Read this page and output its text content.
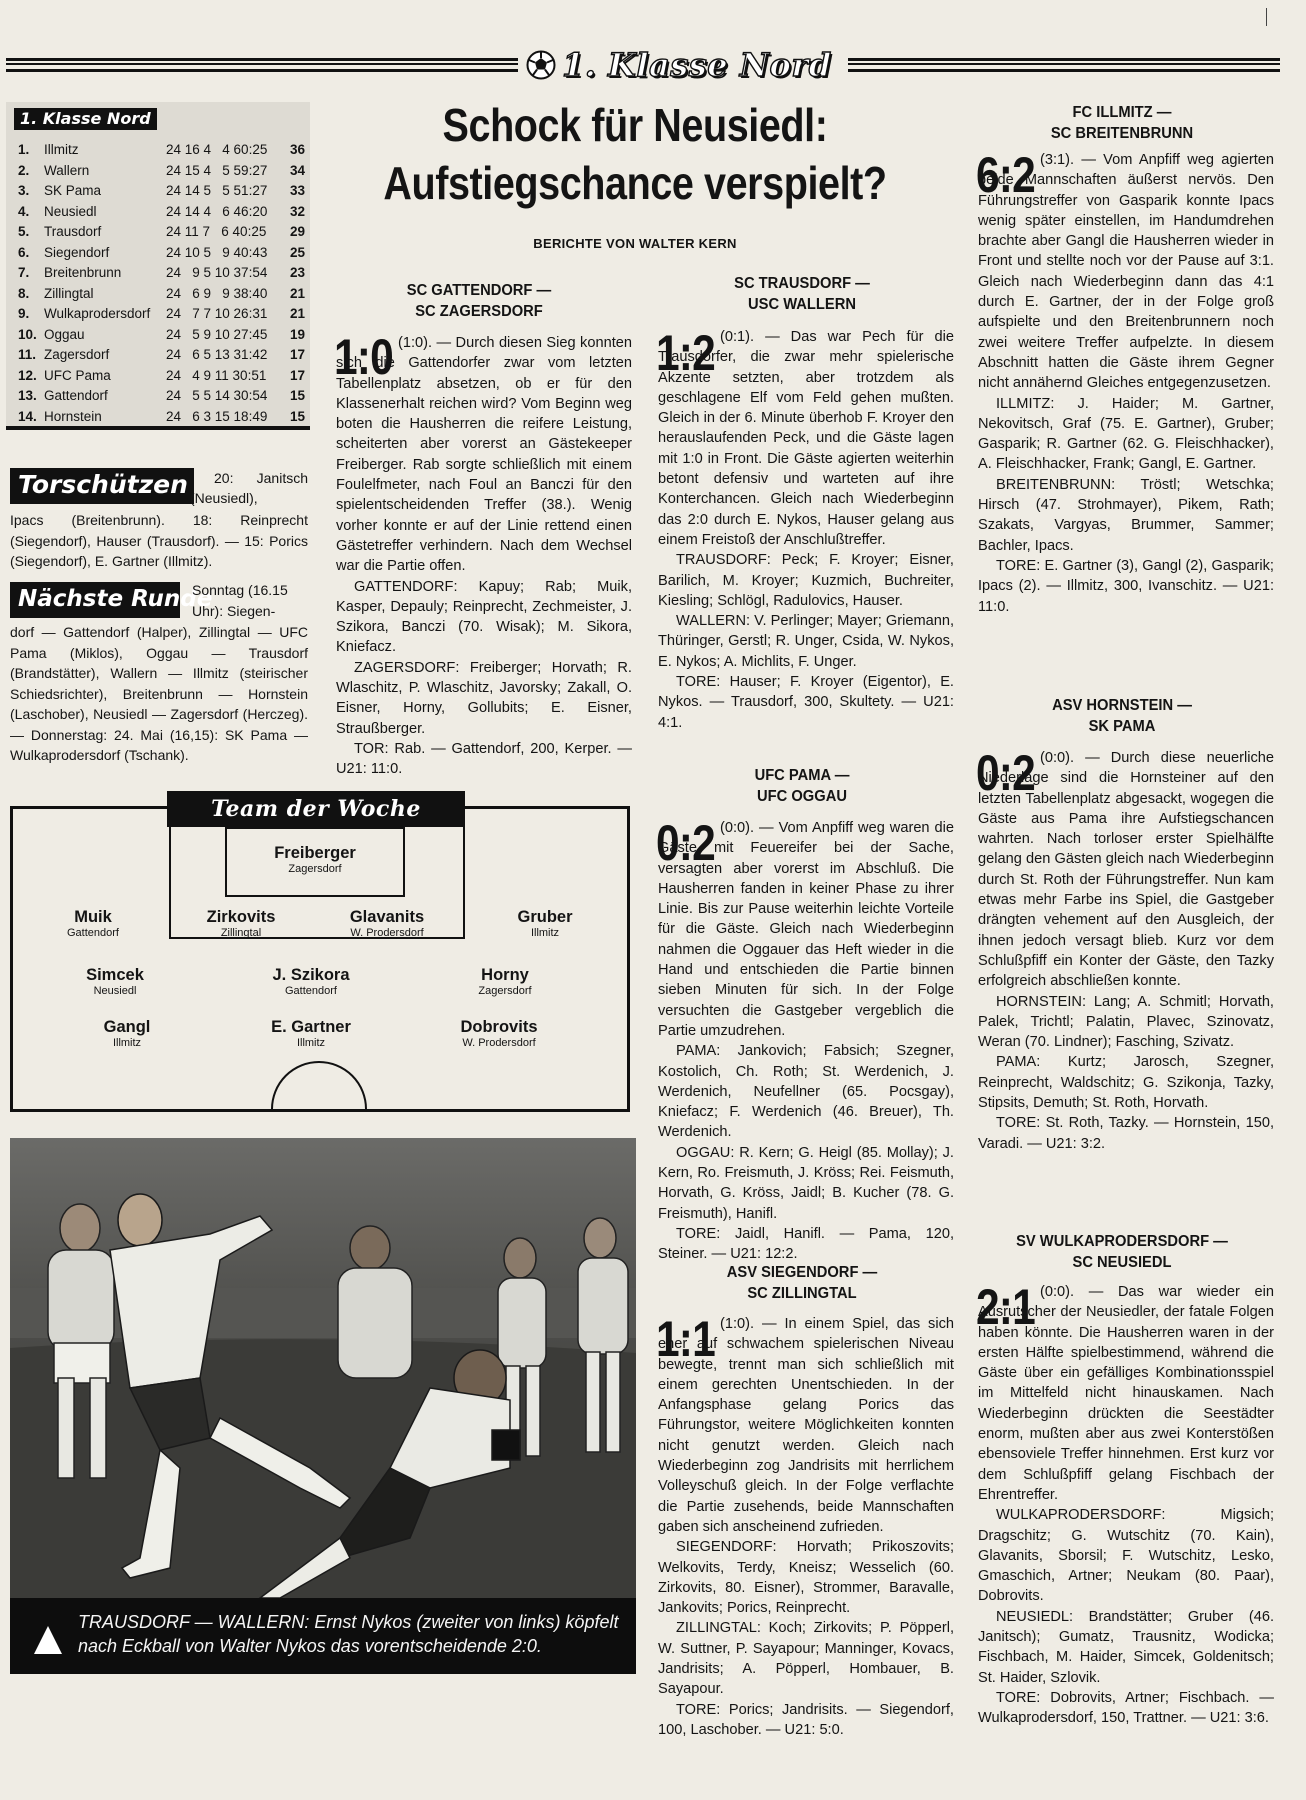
1. Klasse Nord
1. Klasse Nord
1. Illmitz	24 16 4   4 60:25 36
2. Wallern	24 15 4   5 59:27 34
3. SK Pama	24 14 5   5 51:27 33
4. Neusiedl	24 14 4   6 46:20 32
5. Trausdorf	24 11 7   6 40:25 29
6. Siegendorf	24 10 5   9 40:43 25
7. Breitenbrunn	24   9 5 10 37:54 23
8. Zillingtal	24   6 9   9 38:40 21
9. Wulkaprodersdorf 24   7 7 10 26:31 21
10. Oggau	24   5 9 10 27:45 19
11. Zagersdorf	24   6 5 13 31:42 17
12. UFC Pama	24   4 9 11 30:51 17
13. Gattendorf	24   5 5 14 30:54 15
14. Hornstein	24   6 3 15 18:49 15
Torschützen	20: Janitsch
(Neusiedl),
Ipacs (Breitenbrunn). 18: Reinprecht (Siegendorf), Hauser (Trausdorf). — 15: Porics (Siegendorf), E. Gartner (Illmitz).
Nächste Runde
Sonntag (16.15
Uhr): Siegen-
dorf — Gattendorf (Halper), Zillingtal — UFC Pama (Miklos), Oggau — Trausdorf (Brandstätter), Wallern — Illmitz (steirischer Schiedsrichter), Breitenbrunn — Hornstein (Laschober), Neusiedl — Zagersdorf (Herczeg). — Donnerstag: 24. Mai (16,15): SK Pama — Wulkaprodersdorf (Tschank).
Team der Woche
Freiberger
Zagersdorf
Muik
Gattendorf
Zirkovits
Zillingtal
Glavanits
W. Prodersdorf
Gruber
Illmitz
Simcek
Neusiedl
J. Szikora
Gattendorf
Horny
Zagersdorf
Gangl
Illmitz
E. Gartner
Illmitz
Dobrovits
W. Prodersdorf
TRAUSDORF — WALLERN: Ernst Nykos (zweiter von links) köpfelt nach Eckball von Walter Nykos das vorentscheidende 2:0.
Schock für Neusiedl:
Aufstiegschance verspielt?
BERICHTE VON WALTER KERN
SC GATTENDORF —
SC ZAGERSDORF
1:0 (1:0). — Durch diesen Sieg konnten sich die Gattendorfer zwar vom letzten Tabellenplatz absetzen, ob er für den Klassenerhalt reichen wird? Vom Beginn weg boten die Hausherren die reifere Leistung, scheiterten aber vorerst an Gästekeeper Freiberger. Rab sorgte schließlich mit einem Foulelfmeter, nach Foul an Banczi für den spielentscheidenden Treffer (38.). Wenig vorher konnte er auf der Linie rettend einen Gästetreffer verhindern. Nach dem Wechsel war die Partie offen.

GATTENDORF: Kapuy; Rab; Muik, Kasper, Depauly; Reinprecht, Zechmeister, J. Szikora, Banczi (70. Wisak); M. Sikora, Kniefacz.

ZAGERSDORF: Freiberger; Horvath; R. Wlaschitz, P. Wlaschitz, Javorsky; Zakall, O. Eisner, Horny, Gollubits; E. Eisner, Straußberger.

TOR: Rab. — Gattendorf, 200, Kerper. — U21: 11:0.

SC TRAUSDORF —
USC WALLERN
1:2 (0:1). — Das war Pech für die Trausdorfer, die zwar mehr spielerische Akzente setzten, aber trotzdem als geschlagene Elf vom Feld gehen mußten. Gleich in der 6. Minute überhob F. Kroyer den herauslaufenden Peck, und die Gäste lagen mit 1:0 in Front. Die Gäste agierten weiterhin betont defensiv und warteten auf ihre Konterchancen. Gleich nach Wiederbeginn das 2:0 durch E. Nykos, Hauser gelang aus einem Freistoß der Anschlußtreffer.

TRAUSDORF: Peck; F. Kroyer; Eisner, Barilich, M. Kroyer; Kuzmich, Buchreiter, Kiesling; Schlögl, Radulovics, Hauser.

WALLERN: V. Perlinger; Mayer; Griemann, Thüringer, Gerstl; R. Unger, Csida, W. Nykos, E. Nykos; A. Michlits, F. Unger.

TORE: Hauser; F. Kroyer (Eigentor), E. Nykos. — Trausdorf, 300, Skultety. — U21: 4:1.

UFC PAMA —
UFC OGGAU
0:2 (0:0). — Vom Anpfiff weg waren die Gäste mit Feuereifer bei der Sache, versagten aber vorerst im Abschluß. Die Hausherren fanden in keiner Phase zu ihrer Linie. Bis zur Pause weiterhin leichte Vorteile für die Gäste. Gleich nach Wiederbeginn nahmen die Oggauer das Heft wieder in die Hand und entschieden die Partie binnen sieben Minuten für sich. In der Folge versuchten die Gastgeber vergeblich die Partie umzudrehen.

PAMA: Jankovich; Fabsich; Szegner, Kostolich, Ch. Roth; St. Werdenich, J. Werdenich, Neufellner (65. Pocsgay), Kniefacz; F. Werdenich (46. Breuer), Th. Werdenich.

OGGAU: R. Kern; G. Heigl (85. Mollay); J. Kern, Ro. Freismuth, J. Kröss; Rei. Feismuth, Horvath, G. Kröss, Jaidl; B. Kucher (78. G. Freismuth), Hanifl.

TORE: Jaidl, Hanifl. — Pama, 120, Steiner. — U21: 12:2.

ASV SIEGENDORF —
SC ZILLINGTAL
1:1 (1:0). — In einem Spiel, das sich eher auf schwachem spielerischen Niveau bewegte, trennt man sich schließlich mit einem gerechten Unentschieden. In der Anfangsphase gelang Porics das Führungstor, weitere Möglichkeiten konnten nicht genutzt werden. Gleich nach Wiederbeginn zog Jandrisits mit herrlichem Volleyschuß gleich. In der Folge verflachte die Partie zusehends, beide Mannschaften gaben sich anscheinend zufrieden.

SIEGENDORF: Horvath; Prikoszovits; Welkovits, Terdy, Kneisz; Wesselich (60. Zirkovits, 80. Eisner), Strommer, Baravalle, Jankovits; Porics, Reinprecht.

ZILLINGTAL: Koch; Zirkovits; P. Pöpperl, W. Suttner, P. Sayapour; Manninger, Kovacs, Jandrisits; A. Pöpperl, Hombauer, B. Sayapour.

TORE: Porics; Jandrisits. — Siegendorf, 100, Laschober. — U21: 5:0.

FC ILLMITZ —
SC BREITENBRUNN
6:2 (3:1). — Vom Anpfiff weg agierten beide Mannschaften äußerst nervös. Den Führungstreffer von Gasparik konnte Ipacs wenig später einstellen, im Handumdrehen brachte aber Gangl die Hausherren wieder in Front und stellte noch vor der Pause auf 3:1. Gleich nach Wiederbeginn dann das 4:1 durch E. Gartner, der in der Folge groß aufspielte und den Breitenbrunnern noch zwei weitere Treffer aufpelzte. In diesem Abschnitt hatten die Gäste ihrem Gegner nicht annähernd Gleiches entgegenzusetzen.

ILLMITZ: J. Haider; M. Gartner, Nekovitsch, Graf (75. E. Gartner), Gruber; Gasparik; R. Gartner (62. G. Fleischhacker), A. Fleischhacker, Frank; Gangl, E. Gartner.

BREITENBRUNN: Tröstl; Wetschka; Hirsch (47. Strohmayer), Pikem, Rath; Szakats, Vargyas, Brummer, Sammer; Bachler, Ipacs.

TORE: E. Gartner (3), Gangl (2), Gasparik; Ipacs (2). — Illmitz, 300, Ivanschitz. — U21: 11:0.

ASV HORNSTEIN —
SK PAMA
0:2 (0:0). — Durch diese neuerliche Niederlage sind die Hornsteiner auf den letzten Tabellenplatz abgesackt, wogegen die Gäste aus Pama ihre Aufstiegschancen wahrten. Nach torloser erster Spielhälfte gelang den Gästen gleich nach Wiederbeginn durch St. Roth der Führungstreffer. Nun kam etwas mehr Farbe ins Spiel, die Gastgeber drängten vehement auf den Ausgleich, der ihnen jedoch versagt blieb. Kurz vor dem Schlußpfiff ein Konter der Gäste, den Tazky erfolgreich abschließen konnte.

HORNSTEIN: Lang; A. Schmitl; Horvath, Palek, Trichtl; Palatin, Plavec, Szinovatz, Weran (70. Lindner); Fasching, Szivatz.

PAMA: Kurtz; Jarosch, Szegner, Reinprecht, Waldschitz; G. Szikonja, Tazky, Stipsits, Demuth; St. Roth, Horvath.

TORE: St. Roth, Tazky. — Hornstein, 150, Varadi. — U21: 3:2.

SV WULKAPRODERSDORF —
SC NEUSIEDL
2:1 (0:0). — Das war wieder ein Ausrutscher der Neusiedler, der fatale Folgen haben könnte. Die Hausherren waren in der ersten Hälfte spielbestimmend, während die Gäste über ein gefälliges Kombinationsspiel im Mittelfeld nicht hinauskamen. Nach Wiederbeginn drückten die Seestädter enorm, mußten aber aus zwei Konterstößen ebensoviele Treffer hinnehmen. Erst kurz vor dem Schlußpfiff gelang Fischbach der Ehrentreffer.

WULKAPRODERSDORF: Migsich; Dragschitz; G. Wutschitz (70. Kain), Glavanits, Sborsil; F. Wutschitz, Lesko, Gmaschich, Artner; Neukam (80. Paar), Dobrovits.

NEUSIEDL: Brandstätter; Gruber (46. Janitsch); Gumatz, Trausnitz, Wodicka; Fischbach, M. Haider, Simcek, Goldenitsch; St. Haider, Szlovik.

TORE: Dobrovits, Artner; Fischbach. — Wulkaprodersdorf, 150, Trattner. — U21: 3:6.
